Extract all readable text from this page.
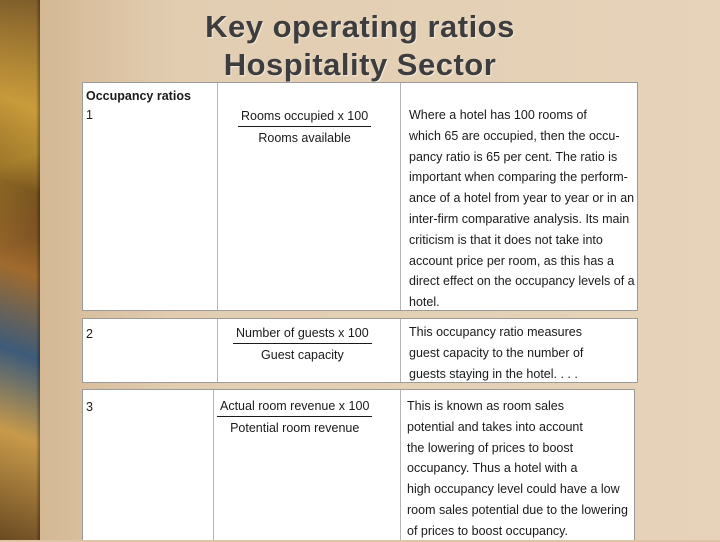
Key operating ratios
Hospitality Sector
Occupancy ratios
1	$\frac{\text{Rooms occupied x 100}}{\text{Rooms available}}$	Where a hotel has 100 rooms of
which 65 are occupied, then the occu-
pancy ratio is 65 per cent. The ratio is
important when comparing the perform-
ance of a hotel from year to year or in an
inter-firm comparative analysis. Its main
criticism is that it does not take into
account price per room, as this has a
direct effect on the occupancy levels of a
hotel.

2	$\frac{\text{Number of guests x 100}}{\text{Guest capacity}}$	This occupancy ratio measures
guest capacity to the number of
guests staying in the hotel. . . .

3	$\frac{\text{Actual room revenue x 100}}{\text{Potential room revenue}}$	This is known as room sales
potential and takes into account
the lowering of prices to boost
occupancy. Thus a hotel with a
high occupancy level could have a low
room sales potential due to the lowering
of prices to boost occupancy.
